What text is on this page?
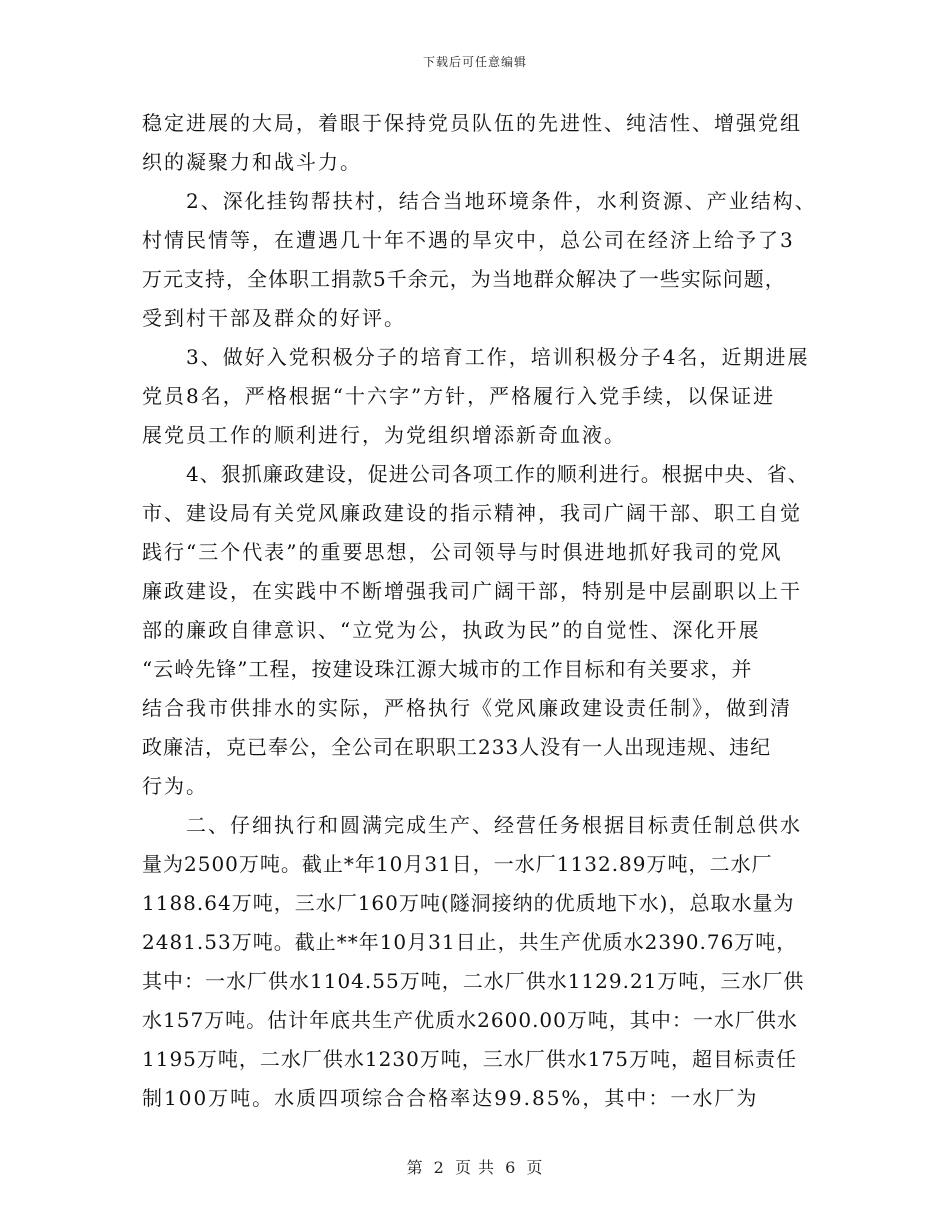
下载后可任意编辑
稳定进展的大局，着眼于保持党员队伍的先进性、纯洁性、增强党组
织的凝聚力和战斗力。
2、深化挂钩帮扶村，结合当地环境条件，水利资源、产业结构、
村情民情等，在遭遇几十年不遇的旱灾中，总公司在经济上给予了3
万元支持，全体职工捐款5千余元，为当地群众解决了一些实际问题，
受到村干部及群众的好评。
3、做好入党积极分子的培育工作，培训积极分子4名，近期进展
党员8名，严格根据“十六字”方针，严格履行入党手续，以保证进
展党员工作的顺利进行，为党组织增添新奇血液。
4、狠抓廉政建设，促进公司各项工作的顺利进行。根据中央、省、
市、建设局有关党风廉政建设的指示精神，我司广阔干部、职工自觉
践行“三个代表”的重要思想，公司领导与时俱进地抓好我司的党风
廉政建设，在实践中不断增强我司广阔干部，特别是中层副职以上干
部的廉政自律意识、“立党为公，执政为民”的自觉性、深化开展
“云岭先锋”工程，按建设珠江源大城市的工作目标和有关要求，并
结合我市供排水的实际，严格执行《党风廉政建设责任制》，做到清
政廉洁，克已奉公，全公司在职职工233人没有一人出现违规、违纪
行为。
二、仔细执行和圆满完成生产、经营任务根据目标责任制总供水
量为2500万吨。截止*年10月31日，一水厂1132.89万吨，二水厂
1188.64万吨，三水厂160万吨(隧洞接纳的优质地下水)，总取水量为
2481.53万吨。截止**年10月31日止，共生产优质水2390.76万吨，
其中：一水厂供水1104.55万吨，二水厂供水1129.21万吨，三水厂供
水157万吨。估计年底共生产优质水2600.00万吨，其中：一水厂供水
1195万吨，二水厂供水1230万吨，三水厂供水175万吨，超目标责任
制100万吨。水质四项综合合格率达99.85%，其中：一水厂为
第 2 页 共 6 页
